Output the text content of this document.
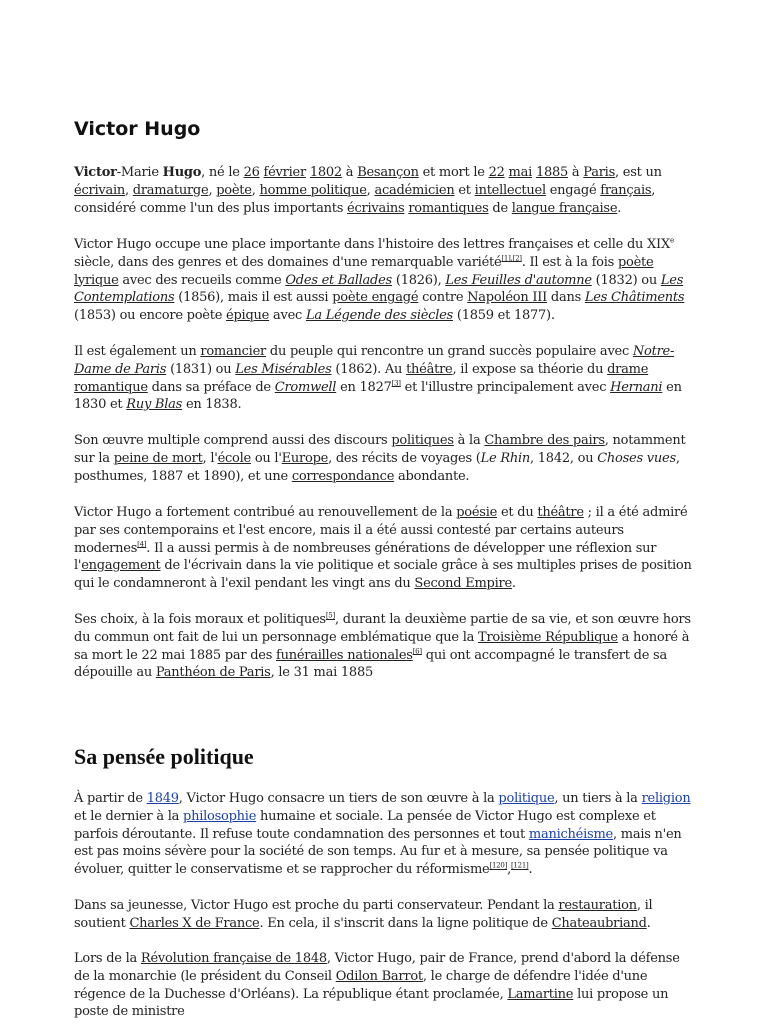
Victor Hugo

Victor-Marie Hugo, né le 26 février 1802 à Besançon et mort le 22 mai 1885 à Paris, est un écrivain, dramaturge, poète, homme politique, académicien et intellectuel engagé français, considéré comme l'un des plus importants écrivains romantiques de langue française.

Victor Hugo occupe une place importante dans l'histoire des lettres françaises et celle du XIXe siècle, dans des genres et des domaines d'une remarquable variété[1],[2]. Il est à la fois poète lyrique avec des recueils comme Odes et Ballades (1826), Les Feuilles d'automne (1832) ou Les Contemplations (1856), mais il est aussi poète engagé contre Napoléon III dans Les Châtiments (1853) ou encore poète épique avec La Légende des siècles (1859 et 1877).

Il est également un romancier du peuple qui rencontre un grand succès populaire avec Notre-Dame de Paris (1831) ou Les Misérables (1862). Au théâtre, il expose sa théorie du drame romantique dans sa préface de Cromwell en 1827[3] et l'illustre principalement avec Hernani en 1830 et Ruy Blas en 1838.

Son œuvre multiple comprend aussi des discours politiques à la Chambre des pairs, notamment sur la peine de mort, l'école ou l'Europe, des récits de voyages (Le Rhin, 1842, ou Choses vues, posthumes, 1887 et 1890), et une correspondance abondante.

Victor Hugo a fortement contribué au renouvellement de la poésie et du théâtre ; il a été admiré par ses contemporains et l'est encore, mais il a été aussi contesté par certains auteurs modernes[4]. Il a aussi permis à de nombreuses générations de développer une réflexion sur l'engagement de l'écrivain dans la vie politique et sociale grâce à ses multiples prises de position qui le condamneront à l'exil pendant les vingt ans du Second Empire.

Ses choix, à la fois moraux et politiques[5], durant la deuxième partie de sa vie, et son œuvre hors du commun ont fait de lui un personnage emblématique que la Troisième République a honoré à sa mort le 22 mai 1885 par des funérailles nationales[6] qui ont accompagné le transfert de sa dépouille au Panthéon de Paris, le 31 mai 1885

Sa pensée politique

À partir de 1849, Victor Hugo consacre un tiers de son œuvre à la politique, un tiers à la religion et le dernier à la philosophie humaine et sociale. La pensée de Victor Hugo est complexe et parfois déroutante. Il refuse toute condamnation des personnes et tout manichéisme, mais n'en est pas moins sévère pour la société de son temps. Au fur et à mesure, sa pensée politique va évoluer, quitter le conservatisme et se rapprocher du réformisme[120],[121].

Dans sa jeunesse, Victor Hugo est proche du parti conservateur. Pendant la restauration, il soutient Charles X de France. En cela, il s'inscrit dans la ligne politique de Chateaubriand.

Lors de la Révolution française de 1848, Victor Hugo, pair de France, prend d'abord la défense de la monarchie (le président du Conseil Odilon Barrot, le charge de défendre l'idée d'une régence de la Duchesse d'Orléans). La république étant proclamée, Lamartine lui propose un poste de ministre
